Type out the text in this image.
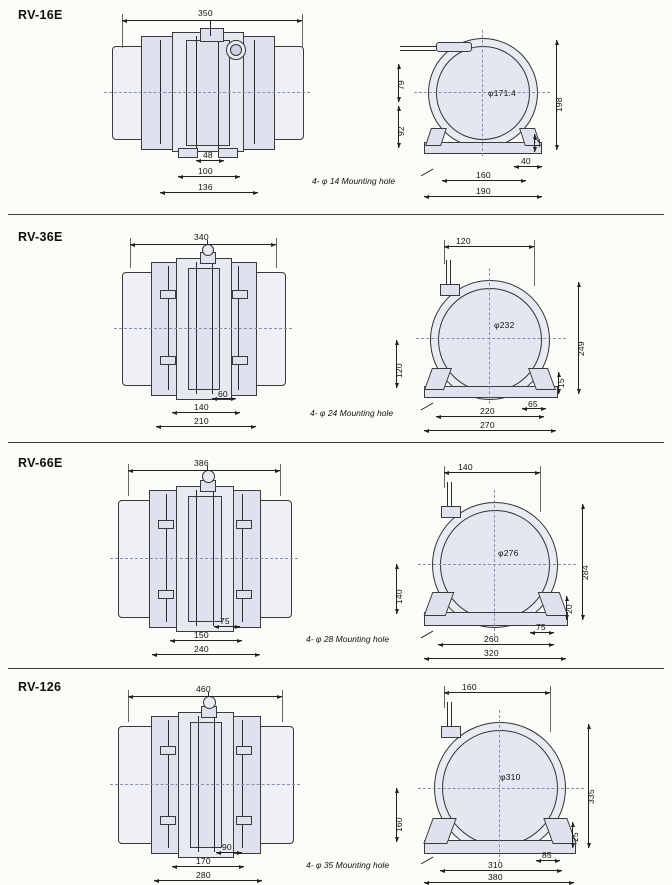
RV-16E	350
48
100
136
φ171.4
79
92
198
12
40
160
190
4- φ 14 Mounting hole
RV-36E	340
60
140
210
120
120
φ232
249
15
65
220
270
4- φ 24 Mounting hole
RV-66E	386
75
150
240
140
140
φ276
284
20
75
260
320
4- φ 28 Mounting hole
RV-126	460
90
170
280
160
160
φ310
335
25
85
310
380
4- φ 35 Mounting hole
